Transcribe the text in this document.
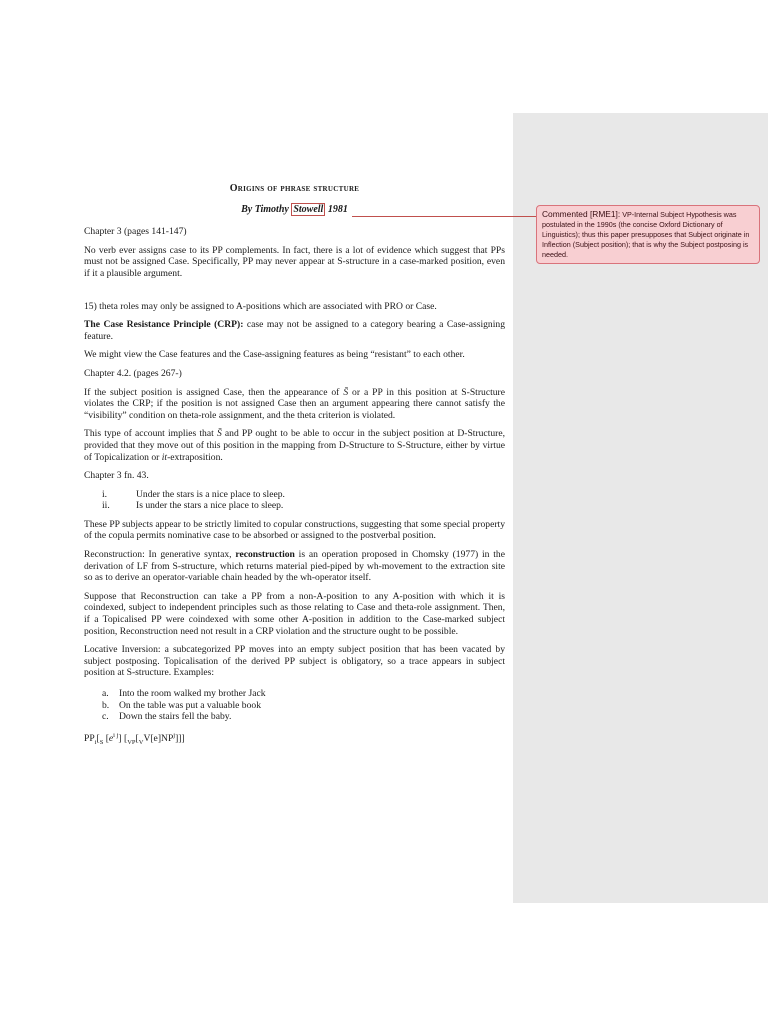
Commented [RME1]: VP-Internal Subject Hypothesis was postulated in the 1990s (the concise Oxford Dictionary of Linguistics); thus this paper presupposes that Subject originate in Inflection (Subject position); that is why the Subject postposing is needed.
Origins of phrase structure
By Timothy Stowell 1981

Chapter 3 (pages 141-147)

No verb ever assigns case to its PP complements. In fact, there is a lot of evidence which suggest that PPs must not be assigned Case. Specifically, PP may never appear at S-structure in a case-marked position, even if it a plausible argument.

15) theta roles may only be assigned to A-positions which are associated with PRO or Case.

The Case Resistance Principle (CRP): case may not be assigned to a category bearing a Case-assigning feature.

We might view the Case features and the Case-assigning features as being “resistant” to each other.

Chapter 4.2. (pages 267-)

If the subject position is assigned Case, then the appearance of S̄ or a PP in this position at S-Structure violates the CRP; if the position is not assigned Case then an argument appearing there cannot satisfy the “visibility” condition on theta-role assignment, and the theta criterion is violated.

This type of account implies that S̄ and PP ought to be able to occur in the subject position at D-Structure, provided that they move out of this position in the mapping from D-Structure to S-Structure, either by virtue of Topicalization or it-extraposition.

Chapter 3 fn. 43.

i.	Under the stars is a nice place to sleep.
ii.	Is under the stars a nice place to sleep.

These PP subjects appear to be strictly limited to copular constructions, suggesting that some special property of the copula permits nominative case to be absorbed or assigned to the postverbal position.

Reconstruction: In generative syntax, reconstruction is an operation proposed in Chomsky (1977) in the derivation of LF from S-structure, which returns material pied-piped by wh-movement to the extraction site so as to derive an operator-variable chain headed by the wh-operator itself.

Suppose that Reconstruction can take a PP from a non-A-position to any A-position with which it is coindexed, subject to independent principles such as those relating to Case and theta-role assignment. Then, if a Topicalised PP were coindexed with some other A-position in addition to the Case-marked subject position, Reconstruction need not result in a CRP violation and the structure ought to be possible.

Locative Inversion: a subcategorized PP moves into an empty subject position that has been vacated by subject postposing. Topicalisation of the derived PP subject is obligatory, so a trace appears in subject position at S-structure. Examples:

a.	Into the room walked my brother Jack
b.	On the table was put a valuable book
c.	Down the stairs fell the baby.
$PP_i[_S$ $[e^{i j}]$ $[_{VP}[_VV[e]NP^j]]$]
